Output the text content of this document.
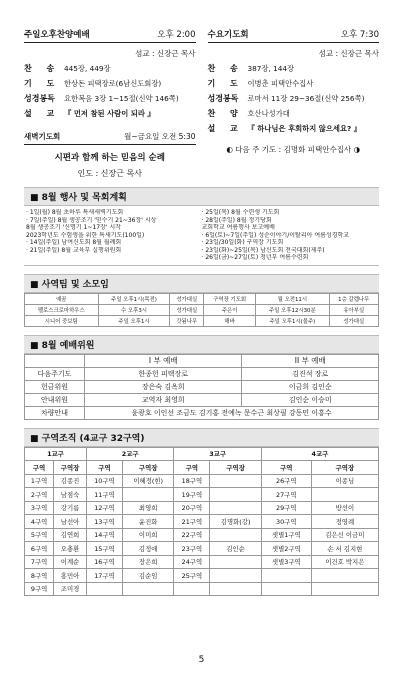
주일오후찬양예배	오후 2:00
섬교 : 신장근 목사
찬 송 445장, 449장
기 도 한상돈 피택장로(6남신도회장)
성경봉독	요한복음 3장 1~15절(신약 146쪽)
설 교 『 먼저 참된 사람이 되라 』
새벽기도회	월~금요일 오전 5:30
시편과 함께 하는 믿음의 순례
인도 : 신장근 목사
수요기도회	오후 7:30
섬교 : 신장근 목사
찬 송 387장, 144장
기 도 이병춘 피택안수집사
성경봉독	로마서 11장 29~36절(신약 256쪽)
찬 양 호산나성가대
설 교 『 하나님은 후회하지 않으세요? 』
◐ 다음 주 기도 : 김명화 피택안수집사 ◑
■ 8월 행사 및 목회계획
· 1일(월) 8월 초하루 특새새벽기도회
· 7일(주일) 8월 생공조기 '믿수기 21~36장' 시상
8월 생공조기 '신명기 1~17장' 시작
2023학년도 수험생을 위한 특새기도(100일)
· 14일(주일) 남여신도회 8월 월례회
· 21일(주일) 8월 교육부 실행위원회
· 25일(목) 8월 수련생 기도회
· 28일(주일) 8월 정기당회
교회학교 여름행사 보고예배
· 6일(토)~7일(주일) 성순이야기/이탈리아 여름성경학교
· 23일/30일(화) 구역장 기도회
· 23일(화)~25일(목) 남신도회 전국대회(제주)
· 26일(금)~27일(토) 청년부 여름수련회
■ 사역팀 및 소모임
예꿈	주일 오후1시(목전)	성가대실	구역장 기도회	월 오전11시	1층 갈렙나무
펠로스크로마하우스	수 오후3시	성가대실	주은이	주일 오후12시30분	유아부실
시니어 중보팀	주일 오후1시	갓됨나무	해바	주일 오후1시(물주)	성가대실
■ 8월 예배위원
	I 부 예배	II 부 예배
다음주기도	한종헌 피택장로	김진석 장로
헌금위원	장은숙 김옥희	이금희 김인순
안내위원	교역자 최영희	김인순 이승미
차량안내	윤광호 이인선 조금도 김기홍 전예녹 문수근 최상필 강동민 이흥수	
■ 구역조직 (4교구 32구역)
1교구		2교구		3교구		4교구	
구역	구역장	구역	구역장	구역	구역장	구역	구역장
1구역	김종진	10구역	이혜정(힌)	18구역		26구역	이종님
2구역	남점숙	11구역		19구역		27구역	
3구역	강기름	12구역	최영희	20구역		29구역	방선이
4구역	남선아	13구역	윤진화	21구역	김명화(강)	30구역	정영례
5구역	김연희	14구역	이미희	22구역		샛별1구역	김은신 이금미
6구역	오충환	15구역	김정애	23구역	김인순	샛별2구역	손 서 김지현
7구역	이계순	16구역	장은희	24구역		샛별3구역	이건호 박지은
8구역	홍민아	17구역	김순임	25구역			
9구역	조미경						
5
